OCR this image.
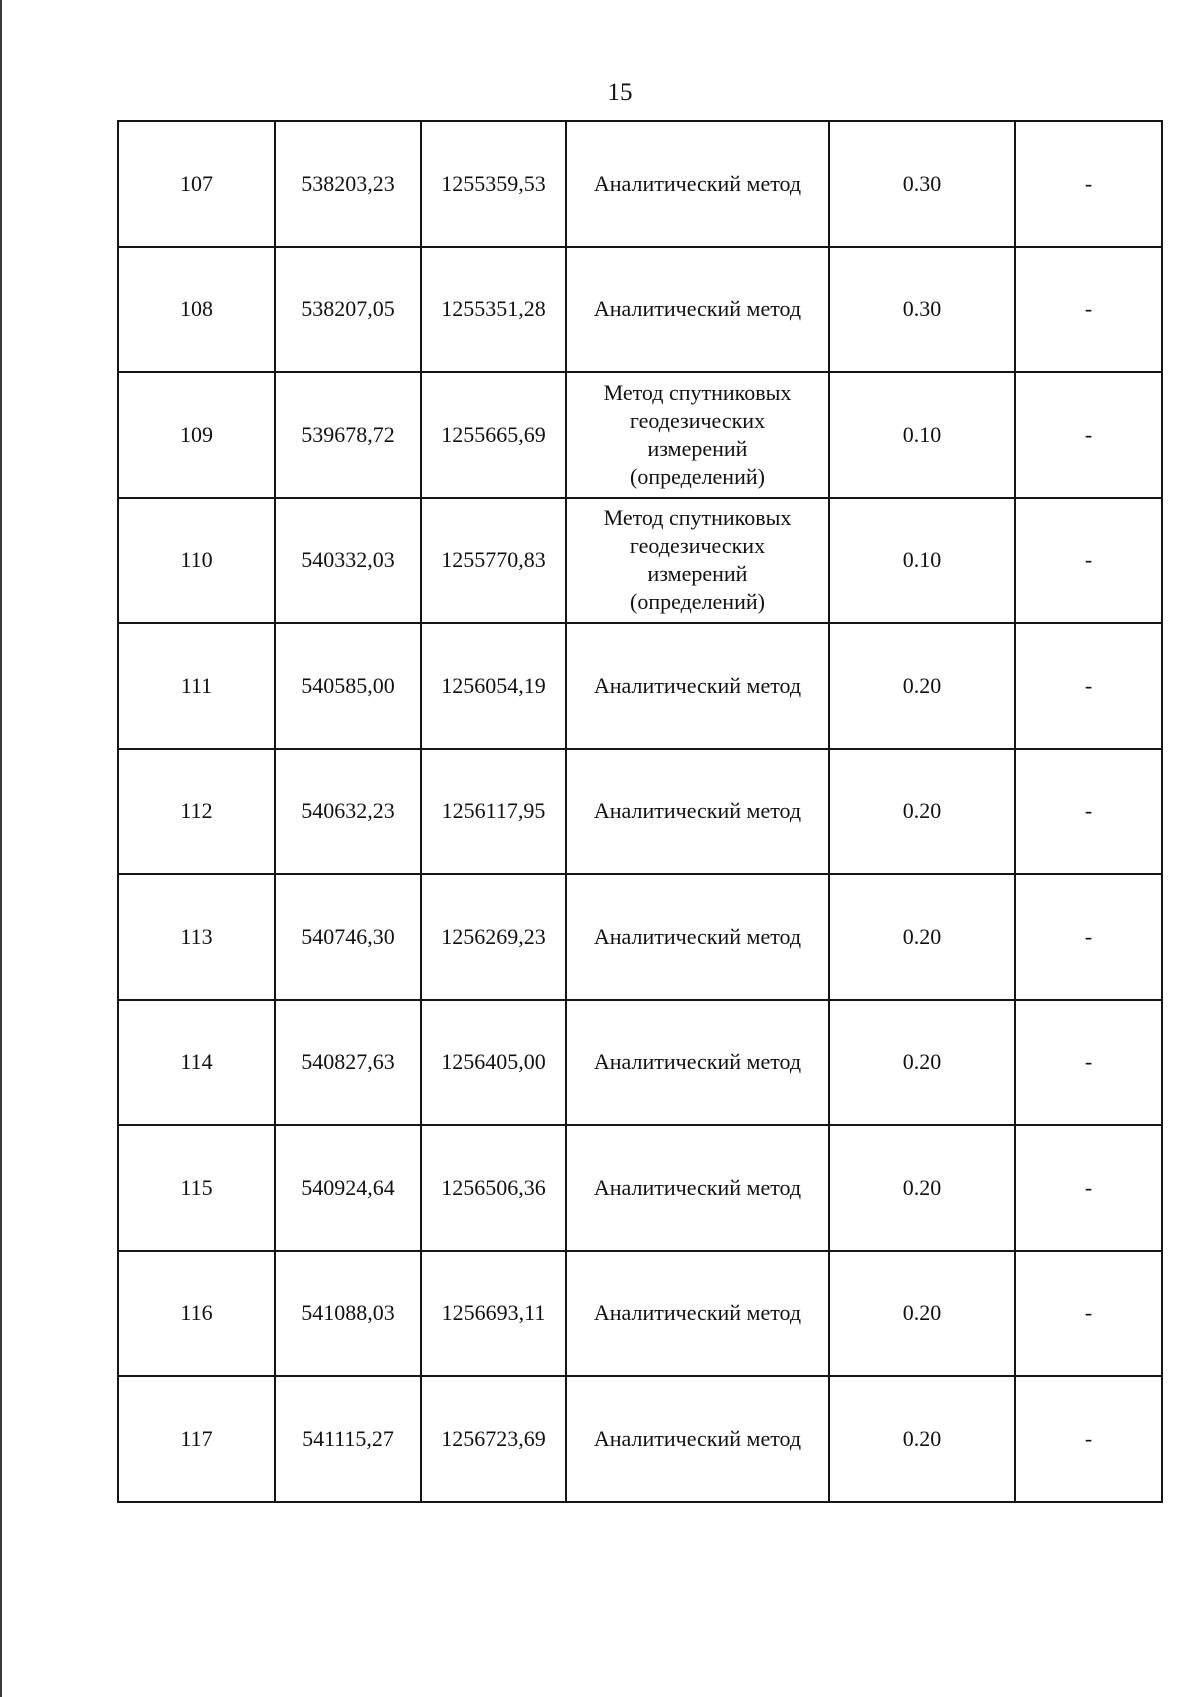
15
107	538203,23	1255359,53	Аналитический метод	0.30	-
108	538207,05	1255351,28	Аналитический метод	0.30	-
109	539678,72	1255665,69	Метод спутниковых геодезических измерений (определений)	0.10	-
110	540332,03	1255770,83	Метод спутниковых геодезических измерений (определений)	0.10	-
111	540585,00	1256054,19	Аналитический метод	0.20	-
112	540632,23	1256117,95	Аналитический метод	0.20	-
113	540746,30	1256269,23	Аналитический метод	0.20	-
114	540827,63	1256405,00	Аналитический метод	0.20	-
115	540924,64	1256506,36	Аналитический метод	0.20	-
116	541088,03	1256693,11	Аналитический метод	0.20	-
117	541115,27	1256723,69	Аналитический метод	0.20	-
